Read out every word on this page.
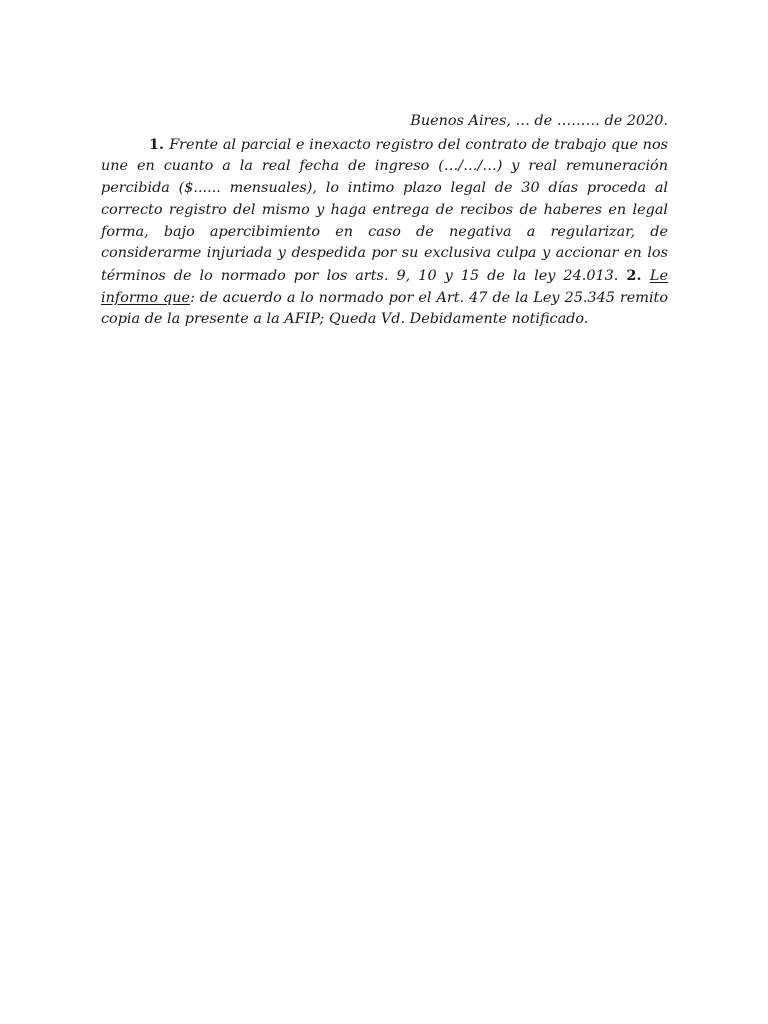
Buenos Aires, … de ……… de 2020.

1. Frente al parcial e inexacto registro del contrato de trabajo que nos une en cuanto a la real fecha de ingreso (…/…/…) y real remuneración percibida ($...... mensuales), lo intimo plazo legal de 30 días proceda al correcto registro del mismo y haga entrega de recibos de haberes en legal forma, bajo apercibimiento en caso de negativa a regularizar, de considerarme injuriada y despedida por su exclusiva culpa y accionar en los términos de lo normado por los arts. 9, 10 y 15 de la ley 24.013. 2. Le informo que: de acuerdo a lo normado por el Art. 47 de la Ley 25.345 remito copia de la presente a la AFIP; Queda Vd. Debidamente notificado.
